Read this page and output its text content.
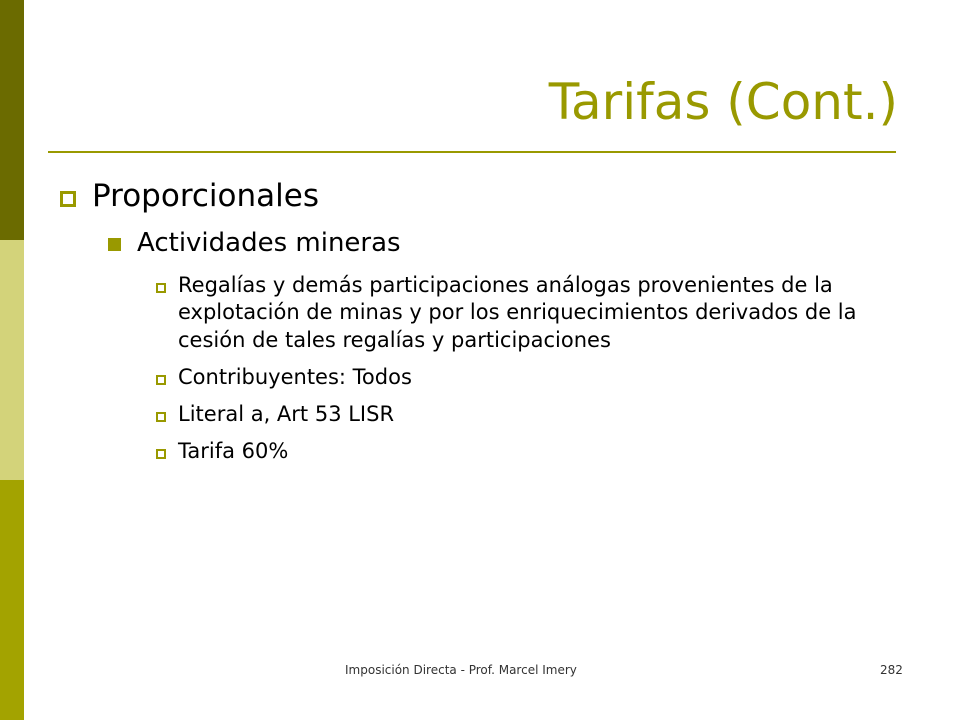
Tarifas (Cont.)
Proporcionales
Actividades mineras
Regalías y demás participaciones análogas provenientes de la explotación de minas y por los enriquecimientos derivados de la cesión de tales regalías y participaciones
Contribuyentes: Todos
Literal a, Art 53 LISR
Tarifa 60%
Imposición Directa - Prof. Marcel Imery	282
